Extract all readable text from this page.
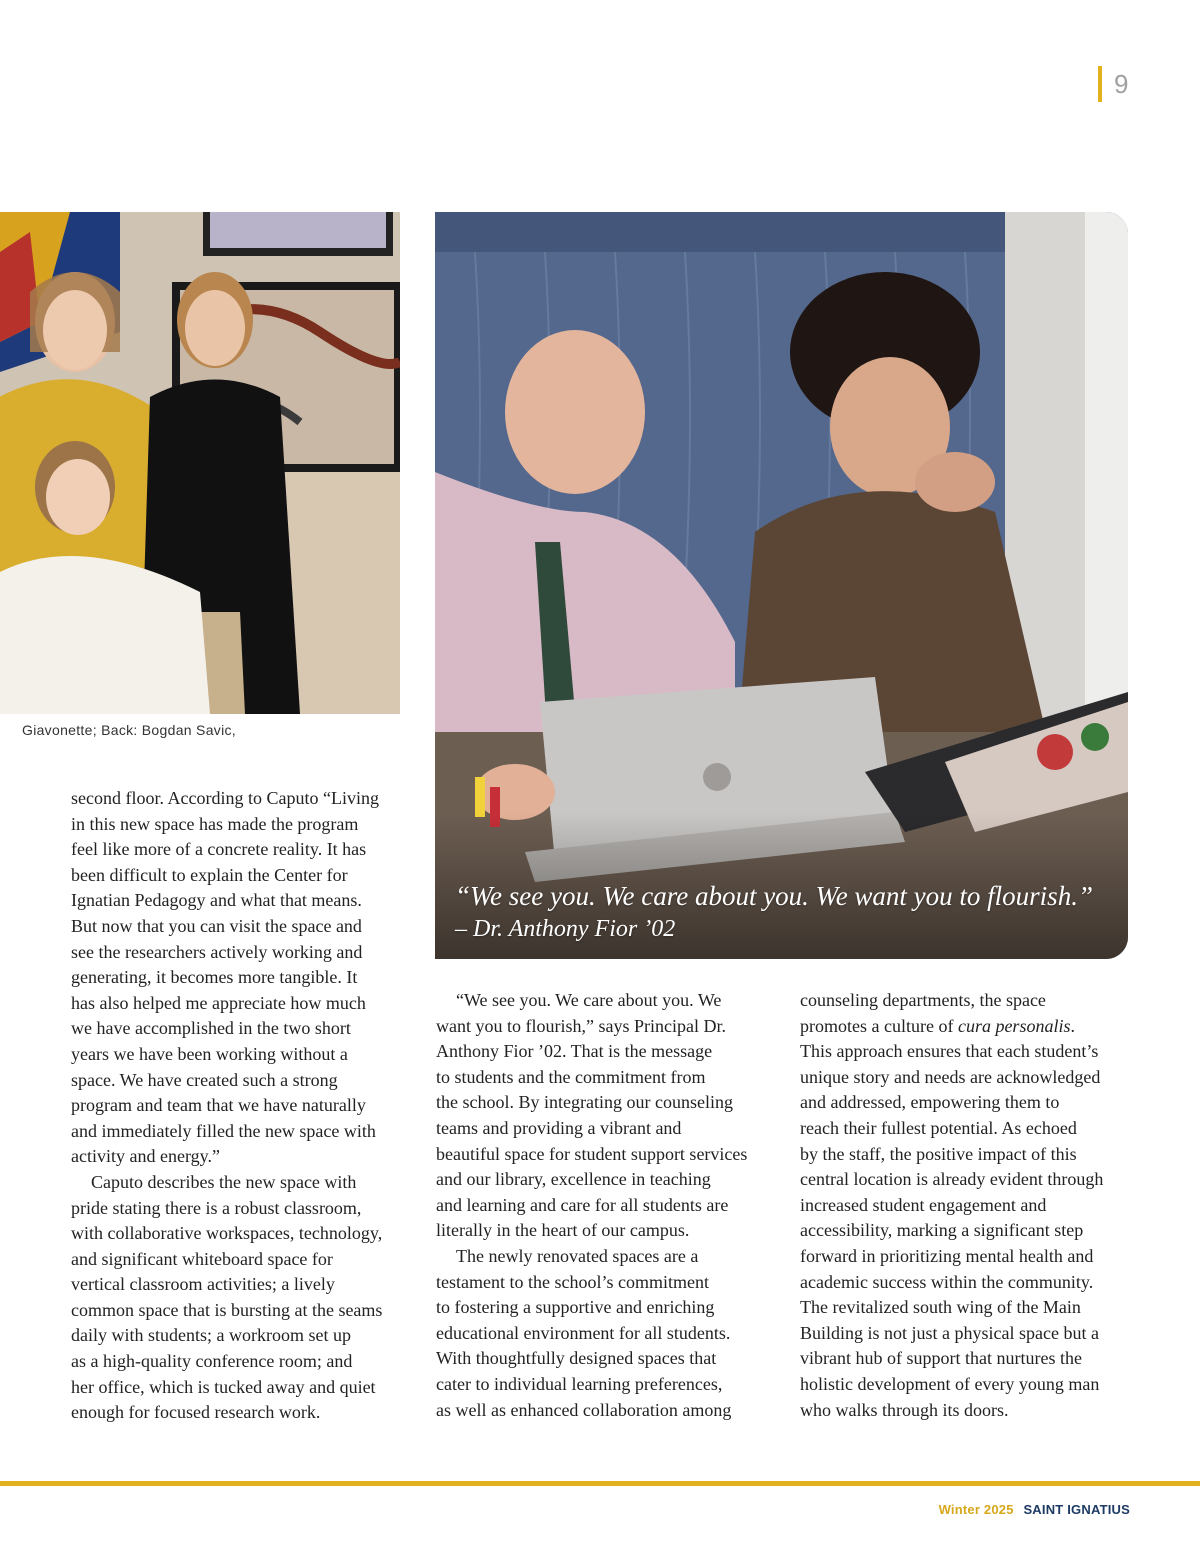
9
Giavonette; Back: Bogdan Savic,
“We see you. We care about you. We want you to flourish.”
– Dr. Anthony Fior ’02
second floor. According to Caputo “Living
in this new space has made the program
feel like more of a concrete reality. It has
been difficult to explain the Center for
Ignatian Pedagogy and what that means.
But now that you can visit the space and
see the researchers actively working and
generating, it becomes more tangible. It
has also helped me appreciate how much
we have accomplished in the two short
years we have been working without a
space. We have created such a strong
program and team that we have naturally
and immediately filled the new space with
activity and energy.”
Caputo describes the new space with
pride stating there is a robust classroom,
with collaborative workspaces, technology,
and significant whiteboard space for
vertical classroom activities; a lively
common space that is bursting at the seams
daily with students; a workroom set up
as a high-quality conference room; and
her office, which is tucked away and quiet
enough for focused research work.
“We see you. We care about you. We
want you to flourish,” says Principal Dr.
Anthony Fior ’02. That is the message
to students and the commitment from
the school. By integrating our counseling
teams and providing a vibrant and
beautiful space for student support services
and our library, excellence in teaching
and learning and care for all students are
literally in the heart of our campus.
The newly renovated spaces are a
testament to the school’s commitment
to fostering a supportive and enriching
educational environment for all students.
With thoughtfully designed spaces that
cater to individual learning preferences,
as well as enhanced collaboration among
counseling departments, the space
promotes a culture of cura personalis.
This approach ensures that each student’s
unique story and needs are acknowledged
and addressed, empowering them to
reach their fullest potential. As echoed
by the staff, the positive impact of this
central location is already evident through
increased student engagement and
accessibility, marking a significant step
forward in prioritizing mental health and
academic success within the community.
The revitalized south wing of the Main
Building is not just a physical space but a
vibrant hub of support that nurtures the
holistic development of every young man
who walks through its doors.
Winter 2025 SAINT IGNATIUS
